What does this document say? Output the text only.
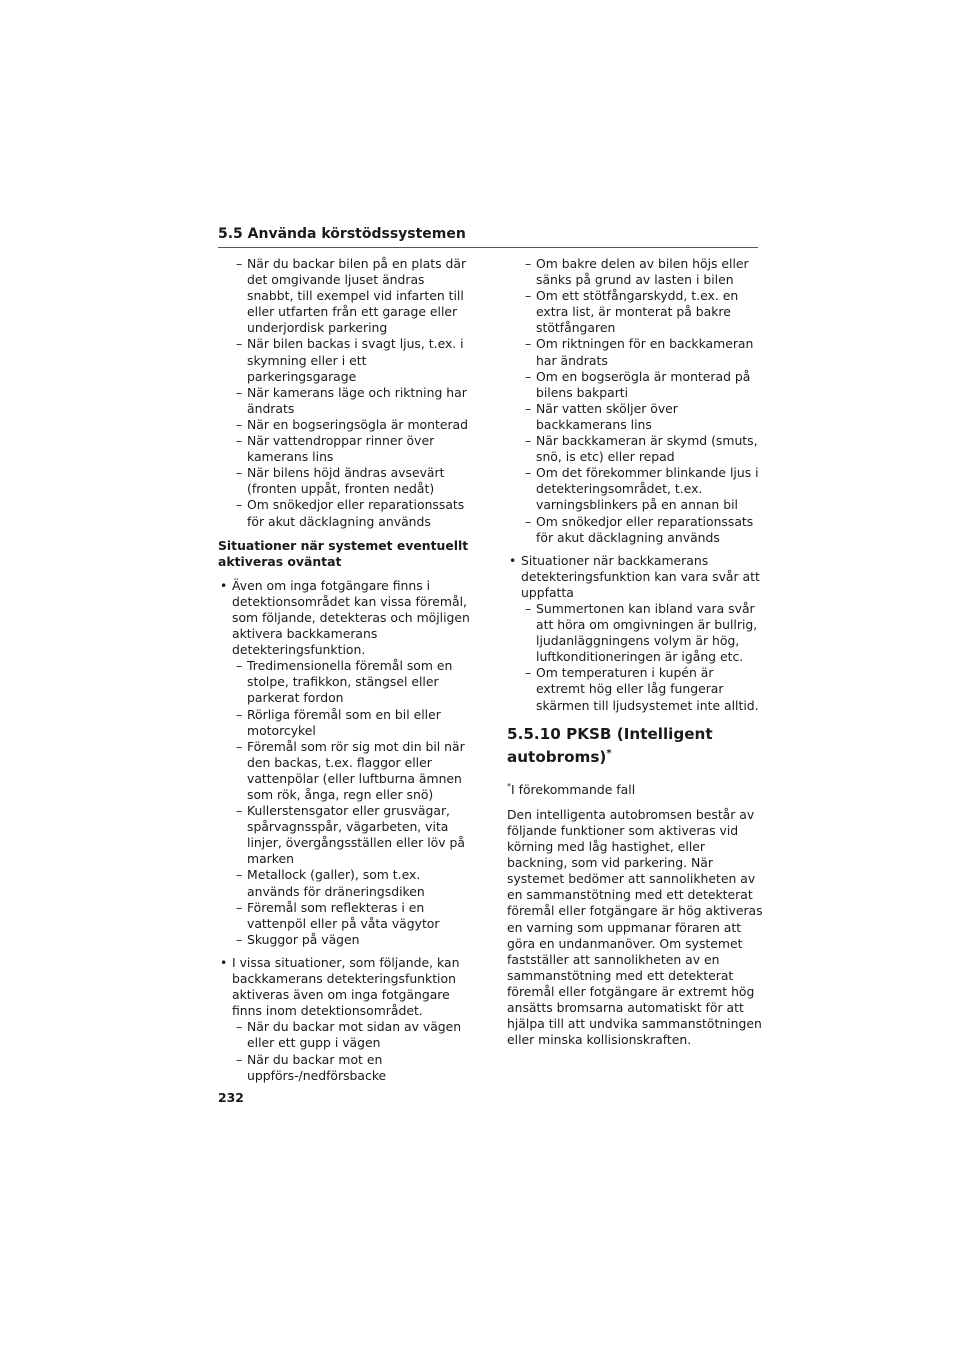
5.5 Använda körstödssystemen
– När du backar bilen på en plats där det omgivande ljuset ändras snabbt, till exempel vid infarten till eller utfarten från ett garage eller underjordisk parkering
– När bilen backas i svagt ljus, t.ex. i skymning eller i ett parkeringsgarage
– När kamerans läge och riktning har ändrats
– När en bogseringsögla är monterad
– När vattendroppar rinner över kamerans lins
– När bilens höjd ändras avsevärt (fronten uppåt, fronten nedåt)
– Om snökedjor eller reparationssats för akut däcklagning används
Situationer när systemet eventuellt aktiveras oväntat
• Även om inga fotgängare finns i detektionsområdet kan vissa föremål, som följande, detekteras och möjligen aktivera backkamerans detekteringsfunktion.
– Tredimensionella föremål som en stolpe, trafikkon, stängsel eller parkerat fordon
– Rörliga föremål som en bil eller motorcykel
– Föremål som rör sig mot din bil när den backas, t.ex. flaggor eller vattenpölar (eller luftburna ämnen som rök, ånga, regn eller snö)
– Kullerstensgator eller grusvägar, spårvagnsspår, vägarbeten, vita linjer, övergångsställen eller löv på marken
– Metallock (galler), som t.ex. används för dräneringsdiken
– Föremål som reflekteras i en vattenpöl eller på våta vägytor
– Skuggor på vägen
• I vissa situationer, som följande, kan backkamerans detekteringsfunktion aktiveras även om inga fotgängare finns inom detektionsområdet.
– När du backar mot sidan av vägen eller ett gupp i vägen
– När du backar mot en uppförs-/nedförsbacke
– Om bakre delen av bilen höjs eller sänks på grund av lasten i bilen
– Om ett stötfångarskydd, t.ex. en extra list, är monterat på bakre stötfångaren
– Om riktningen för en backkameran har ändrats
– Om en bogserögla är monterad på bilens bakparti
– När vatten sköljer över backkamerans lins
– När backkameran är skymd (smuts, snö, is etc) eller repad
– Om det förekommer blinkande ljus i detekteringsområdet, t.ex. varningsblinkers på en annan bil
– Om snökedjor eller reparationssats för akut däcklagning används
• Situationer när backkamerans detekteringsfunktion kan vara svår att uppfatta
– Summertonen kan ibland vara svår att höra om omgivningen är bullrig, ljudanläggningens volym är hög, luftkonditioneringen är igång etc.
– Om temperaturen i kupén är extremt hög eller låg fungerar skärmen till ljudsystemet inte alltid.
5.5.10 PKSB (Intelligent autobroms)*
*I förekommande fall
Den intelligenta autobromsen består av följande funktioner som aktiveras vid körning med låg hastighet, eller backning, som vid parkering. När systemet bedömer att sannolikheten av en sammanstötning med ett detekterat föremål eller fotgängare är hög aktiveras en varning som uppmanar föraren att göra en undanmanöver. Om systemet fastställer att sannolikheten av en sammanstötning med ett detekterat föremål eller fotgängare är extremt hög ansätts bromsarna automatiskt för att hjälpa till att undvika sammanstötningen eller minska kollisionskraften.
232
